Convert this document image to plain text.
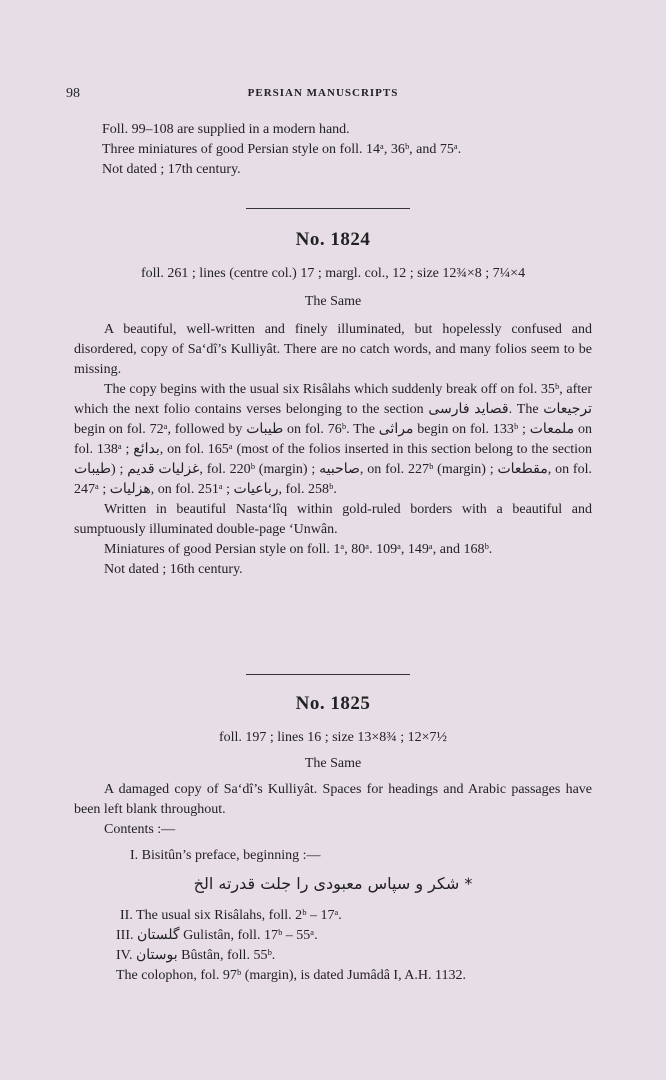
98	PERSIAN MANUSCRIPTS

Foll. 99–108 are supplied in a modern hand.

Three miniatures of good Persian style on foll. 14ᵃ, 36ᵇ, and 75ᵃ.

Not dated ; 17th century.

No. 1824
foll. 261 ; lines (centre col.) 17 ; margl. col., 12 ; size 12¾×8 ; 7¼×4
The Same

A beautiful, well-written and finely illuminated, but hopelessly confused and disordered, copy of Sa‘dî’s Kulliyât. There are no catch words, and many folios seem to be missing.

The copy begins with the usual six Risâlahs which suddenly break off on fol. 35ᵇ, after which the next folio contains verses belonging to the section قصايد فارسى. The ترجيعات begin on fol. 72ᵃ, followed by طيبات on fol. 76ᵇ. The مراثى begin on fol. 133ᵇ ; ملمعات on fol. 138ᵃ ; بدائع, on fol. 165ᵃ (most of the folios inserted in this section belong to the section طيبات) ; غزليات قديم, fol. 220ᵇ (margin) ; صاحبيه, on fol. 227ᵇ (margin) ; مقطعات, on fol. 247ᵃ ; هزليات, on fol. 251ᵃ ; رباعيات, fol. 258ᵇ.

Written in beautiful Nasta‘lîq within gold-ruled borders with a beautiful and sumptuously illuminated double-page ‘Unwân.

Miniatures of good Persian style on foll. 1ᵃ, 80ᵃ. 109ᵃ, 149ᵃ, and 168ᵇ.

Not dated ; 16th century.

No. 1825
foll. 197 ; lines 16 ; size 13×8¾ ; 12×7½
The Same

A damaged copy of Sa‘dî’s Kulliyât. Spaces for headings and Arabic passages have been left blank throughout.

Contents :—

I. Bisitûn’s preface, beginning :—
شکر و سپاس معبودی را جلت قدرته الخ *
II. The usual six Risâlahs, foll. 2ᵇ – 17ᵃ.
III. گلستان Gulistân, foll. 17ᵇ – 55ᵃ.
IV. بوستان Bûstân, foll. 55ᵇ.
The colophon, fol. 97ᵇ (margin), is dated Jumâdâ I, A.H. 1132.
